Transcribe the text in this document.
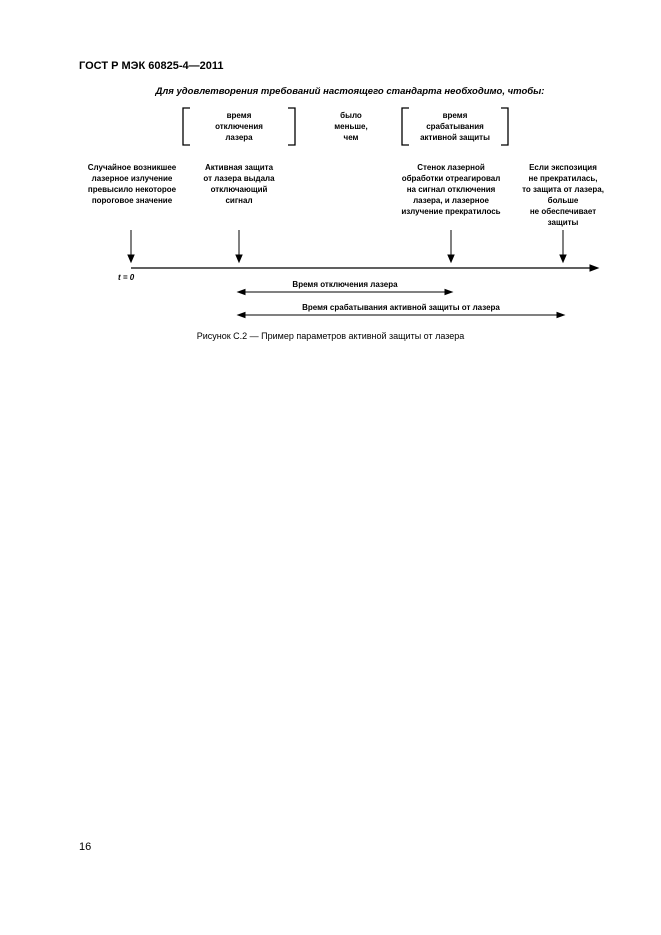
ГОСТ Р МЭК 60825-4—2011
Для удовлетворения требований настоящего стандарта необходимо, чтобы:
время
отключения
лазера
было
меньше,
чем
время
срабатывания
активной защиты
Случайное возникшее
лазерное излучение
превысило некоторое
пороговое значение
Активная защита
от лазера выдала
отключающий
сигнал
Стенок лазерной
обработки отреагировал
на сигнал отключения
лазера, и лазерное
излучение прекратилось
Если экспозиция
не прекратилась,
то защита от лазера,
больше
не обеспечивает
защиты
t = 0
Время отключения лазера
Время срабатывания активной защиты от лазера
Рисунок С.2 — Пример параметров активной защиты от лазера
16
